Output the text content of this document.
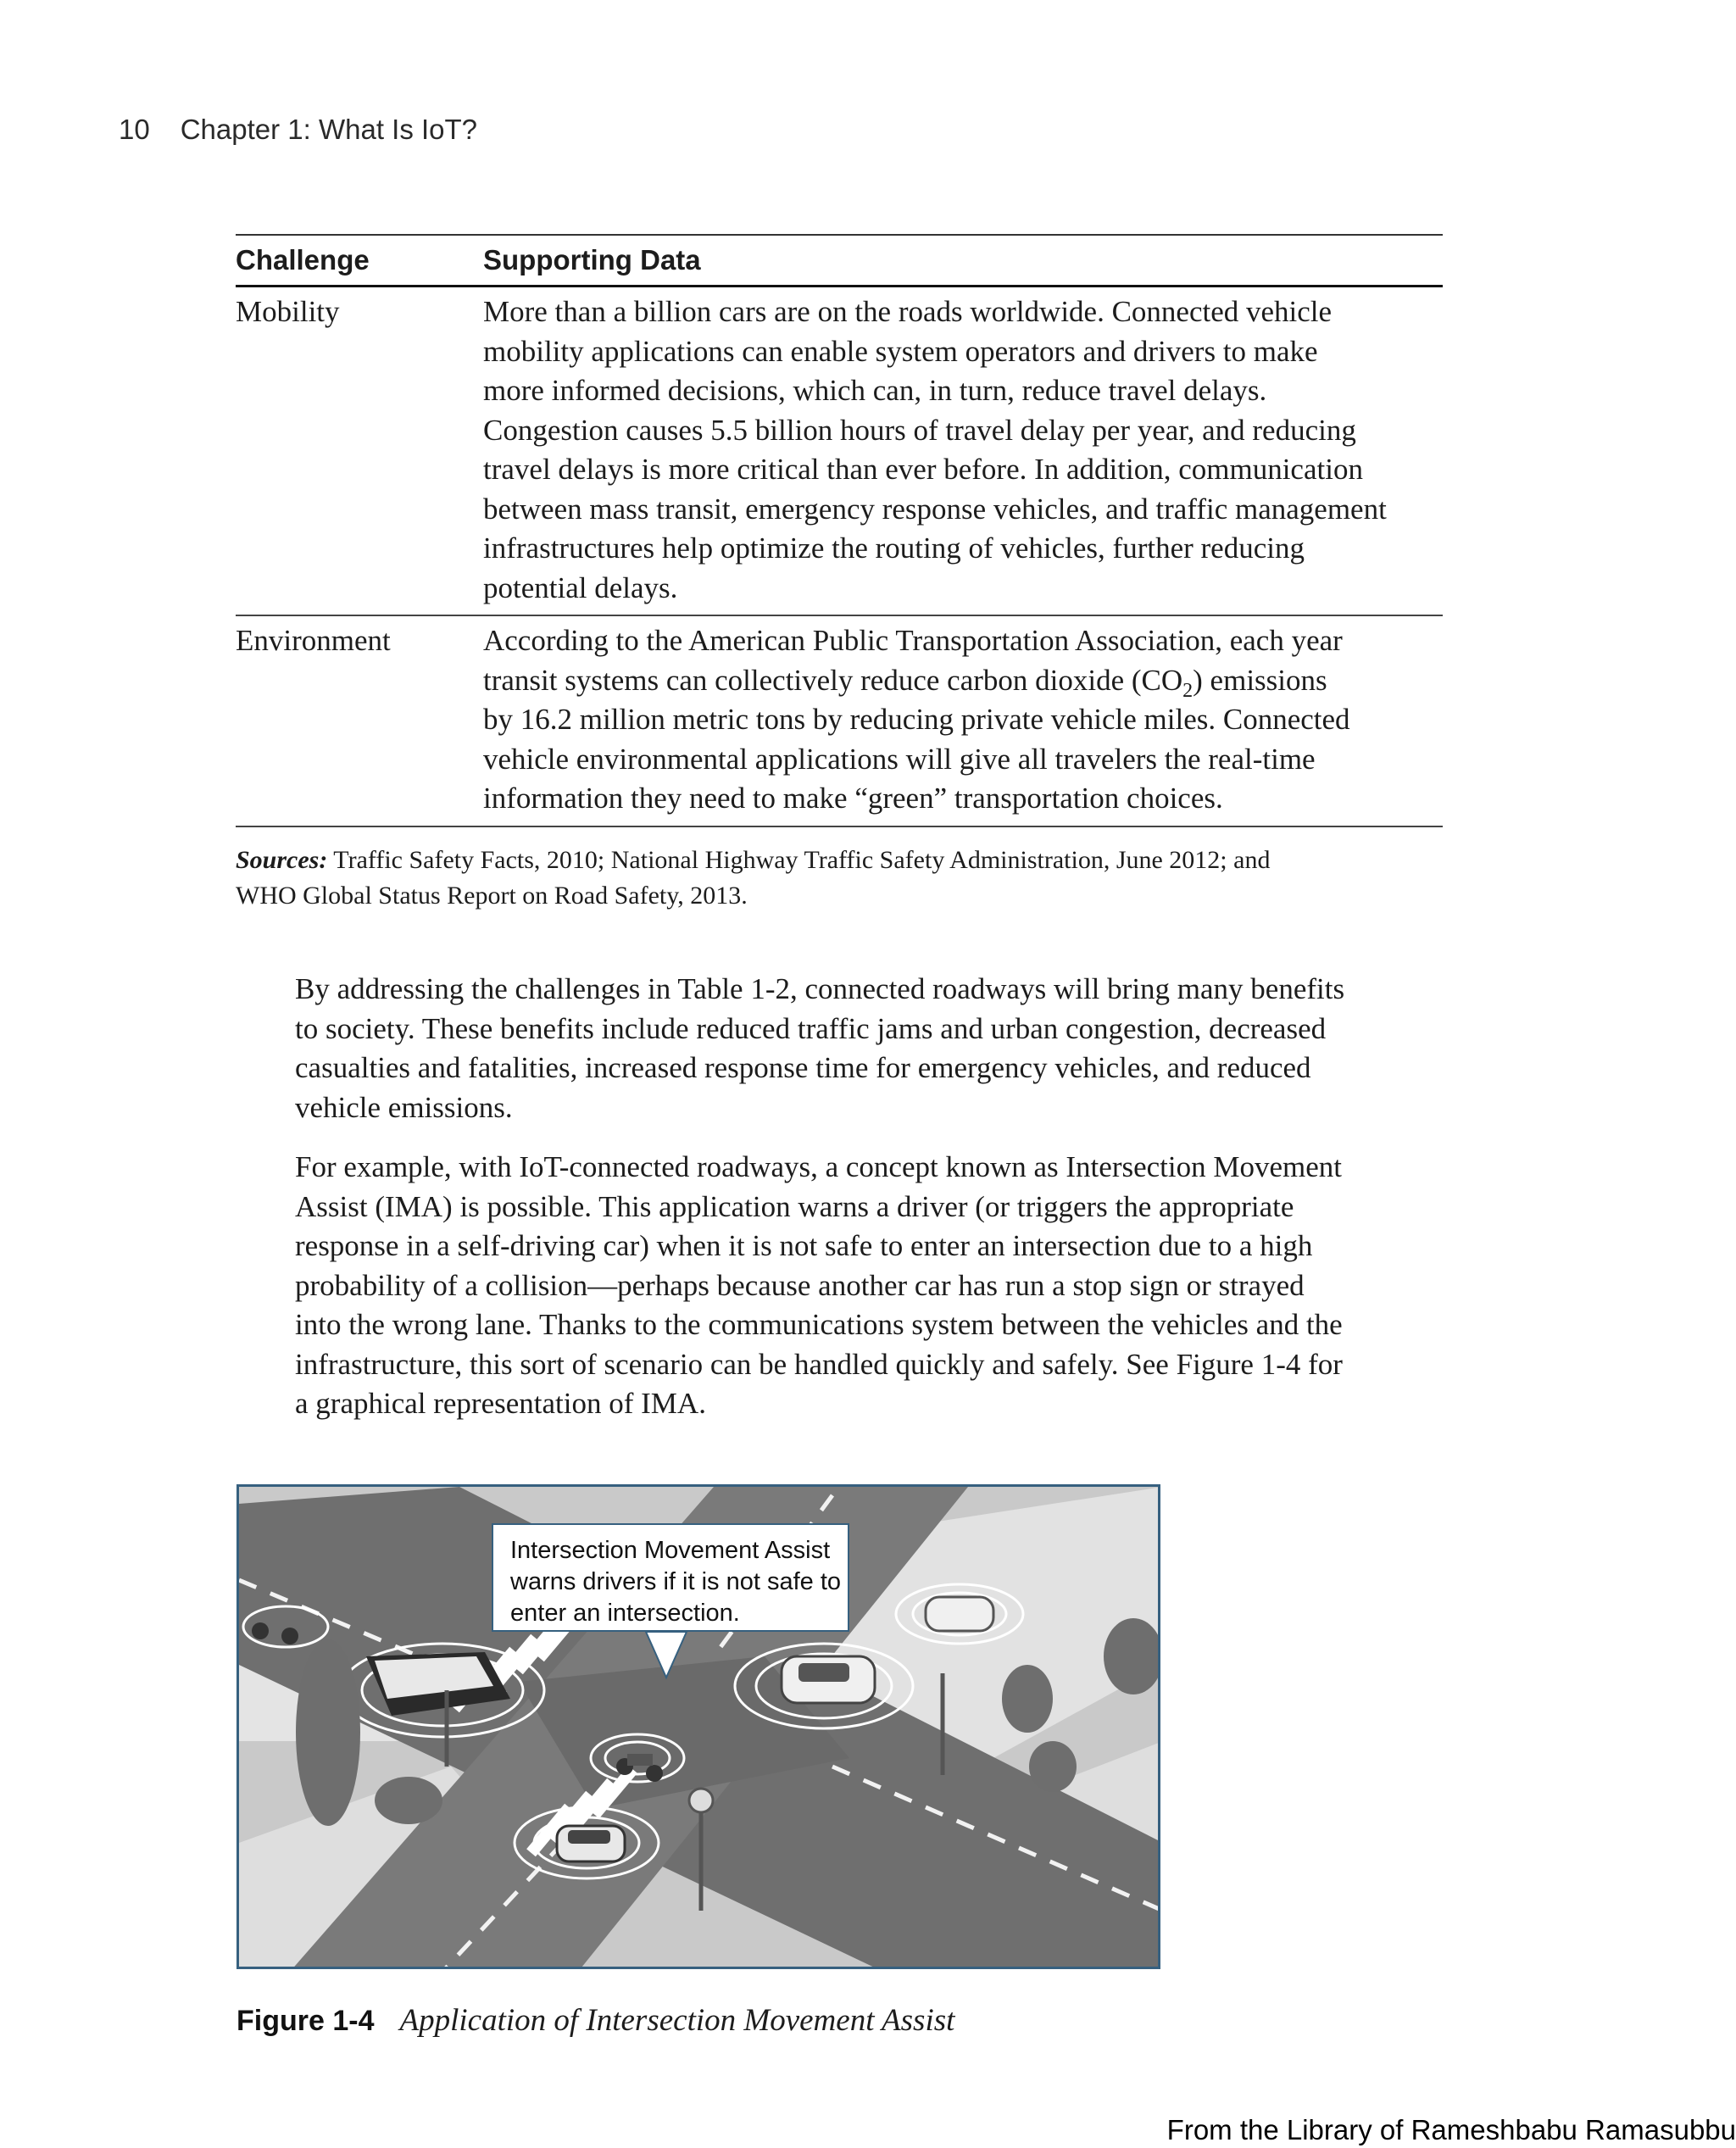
10 Chapter 1: What Is IoT?
Challenge	Supporting Data
Mobility	More than a billion cars are on the roads worldwide. Connected vehicle
mobility applications can enable system operators and drivers to make
more informed decisions, which can, in turn, reduce travel delays.
Congestion causes 5.5 billion hours of travel delay per year, and reducing
travel delays is more critical than ever before. In addition, communication
between mass transit, emergency response vehicles, and traffic management
infrastructures help optimize the routing of vehicles, further reducing
potential delays.
Environment	According to the American Public Transportation Association, each year
transit systems can collectively reduce carbon dioxide $(CO_2)$ emissions
by 16.2 million metric tons by reducing private vehicle miles. Connected
vehicle environmental applications will give all travelers the real-time
information they need to make “green” transportation choices.
Sources: Traffic Safety Facts, 2010; National Highway Traffic Safety Administration, June 2012; and
WHO Global Status Report on Road Safety, 2013.

By addressing the challenges in Table 1-2, connected roadways will bring many benefits
to society. These benefits include reduced traffic jams and urban congestion, decreased
casualties and fatalities, increased response time for emergency vehicles, and reduced
vehicle emissions.

For example, with IoT-connected roadways, a concept known as Intersection Movement
Assist (IMA) is possible. This application warns a driver (or triggers the appropriate
response in a self-driving car) when it is not safe to enter an intersection due to a high
probability of a collision—perhaps because another car has run a stop sign or strayed
into the wrong lane. Thanks to the communications system between the vehicles and the
infrastructure, this sort of scenario can be handled quickly and safely. See Figure 1-4 for
a graphical representation of IMA.

Intersection Movement Assist
warns drivers if it is not safe to
enter an intersection.
Figure 1-4 Application of Intersection Movement Assist
From the Library of Rameshbabu Ramasubbu
